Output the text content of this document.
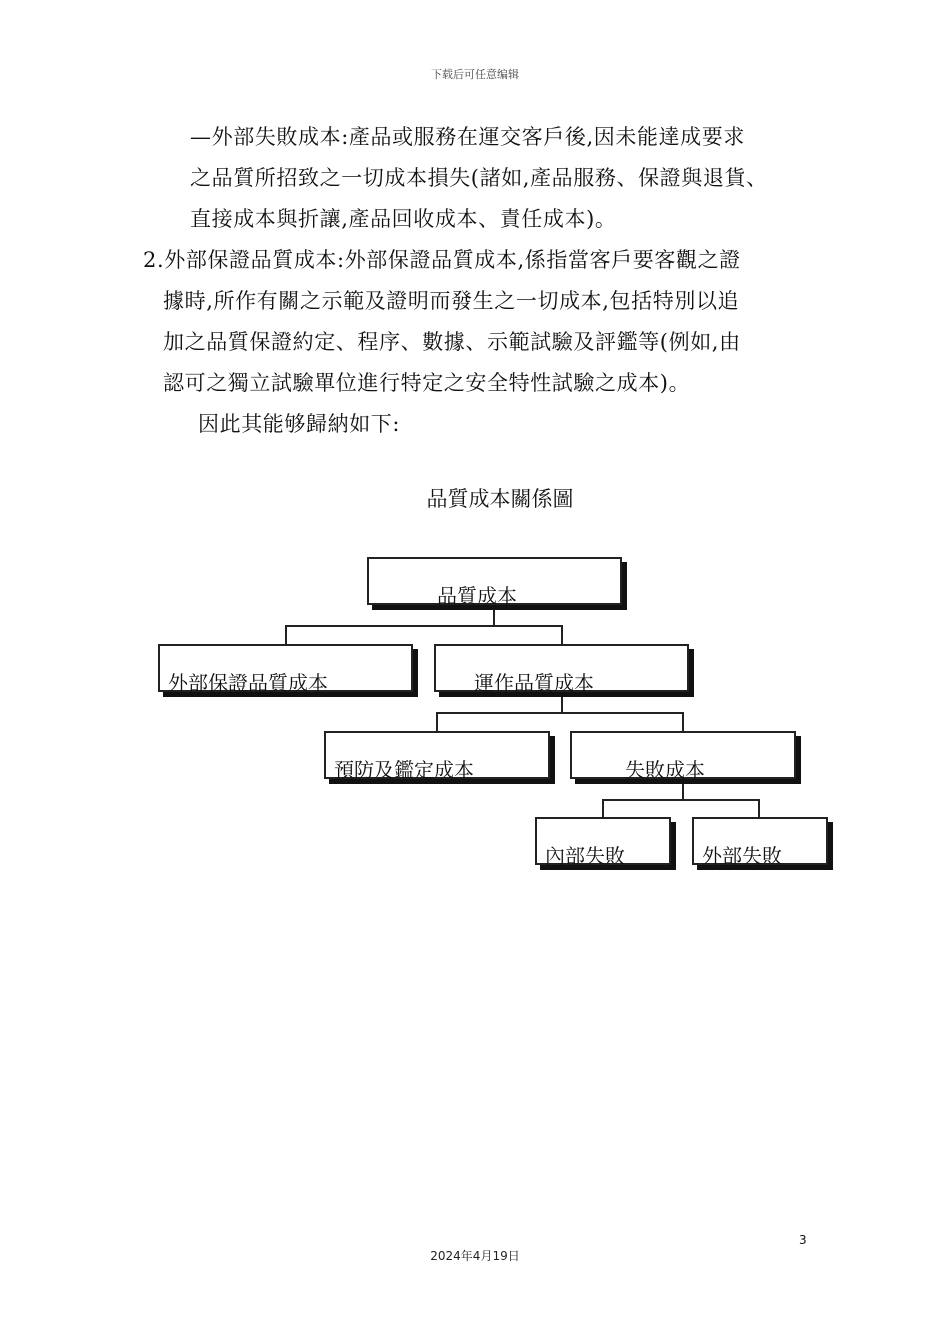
下载后可任意编辑
—外部失敗成本:產品或服務在運交客戶後,因未能達成要求
之品質所招致之一切成本損失(諸如,產品服務、保證與退貨、
直接成本與折讓,產品回收成本、責任成本)。
2.外部保證品質成本:外部保證品質成本,係指當客戶要客觀之證
據時,所作有關之示範及證明而發生之一切成本,包括特別以追
加之品質保證約定、程序、數據、示範試驗及評鑑等(例如,由
認可之獨立試驗單位進行特定之安全特性試驗之成本)。
因此其能够歸納如下:
品質成本關係圖
品質成本
外部保證品質成本	運作品質成本
預防及鑑定成本	失敗成本
內部失敗	外部失敗
3
2024年4月19日
